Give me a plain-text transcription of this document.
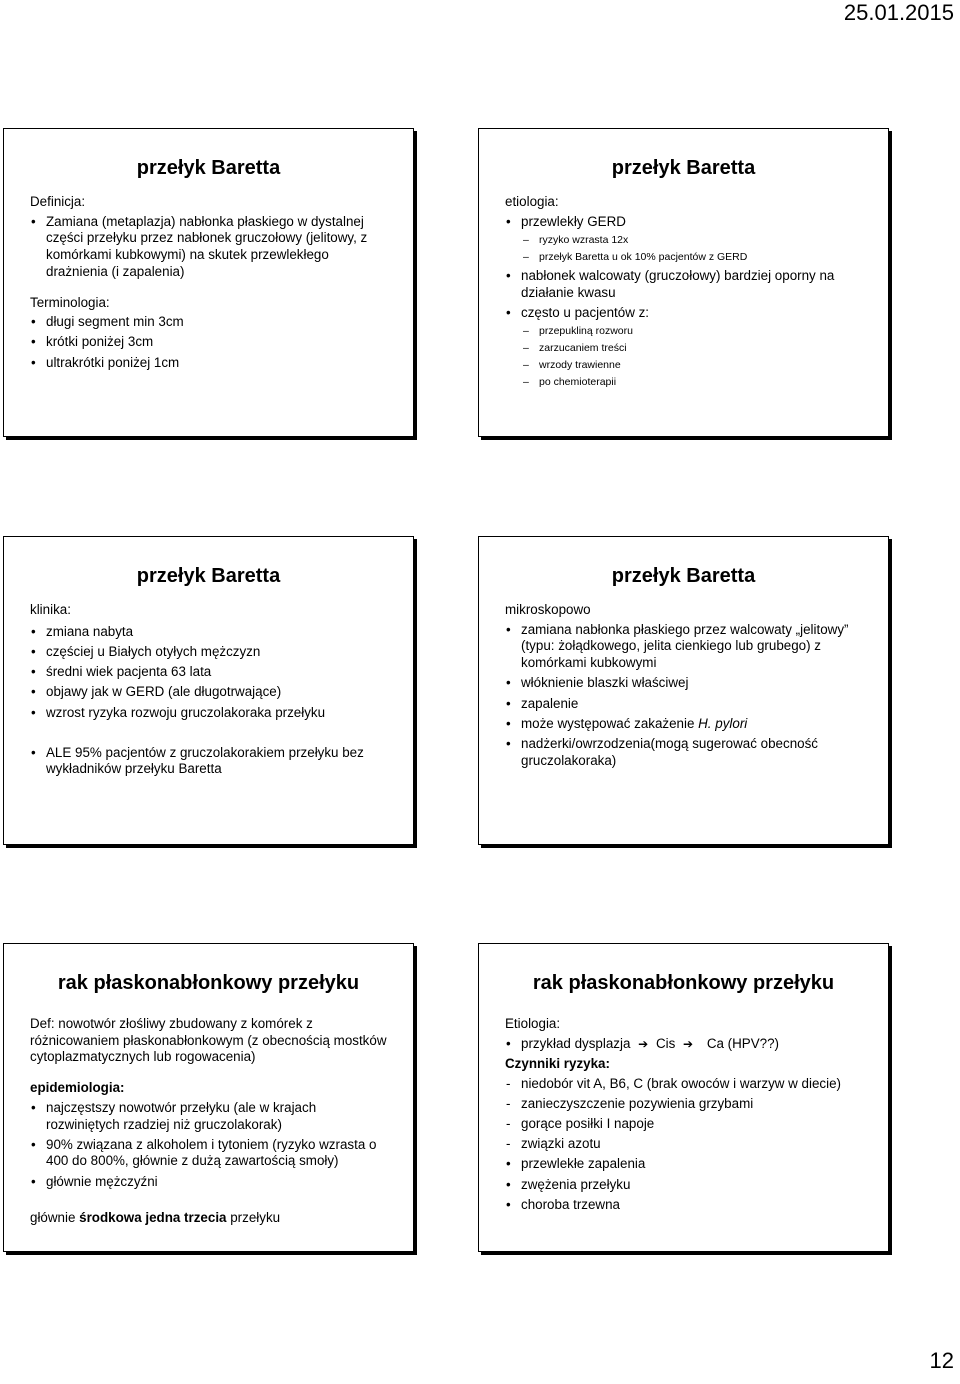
25.01.2015
przełyk Baretta

Definicja:

• Zamiana (metaplazja) nabłonka płaskiego w dystalnej części przełyku przez nabłonek gruczołowy (jelitowy, z komórkami kubkowymi) na skutek przewlekłego drażnienia (i zapalenia)

Terminologia:

• długi segment min 3cm
• krótki poniżej 3cm
• ultrakrótki poniżej 1cm
przełyk Baretta

etiologia:

• przewlekły GERD
– ryzyko wzrasta 12x
– przełyk Baretta u ok 10% pacjentów z GERD
• nabłonek walcowaty (gruczołowy) bardziej oporny na działanie kwasu
• często u pacjentów z:
– przepukliną rozworu
– zarzucaniem treści
– wrzody trawienne
– po chemioterapii
przełyk Baretta

klinika:

• zmiana nabyta
• częściej u Białych otyłych mężczyzn
• średni wiek pacjenta 63 lata
• objawy jak w GERD (ale długotrwające)
• wzrost ryzyka rozwoju gruczolakoraka przełyku
• ALE 95% pacjentów z gruczolakorakiem przełyku bez wykładników przełyku Baretta
przełyk Baretta

mikroskopowo

• zamiana nabłonka płaskiego przez walcowaty „jelitowy” (typu: żołądkowego, jelita cienkiego lub grubego) z komórkami kubkowymi
• włóknienie blaszki właściwej
• zapalenie
• może występować zakażenie H. pylori
• nadżerki/owrzodzenia(mogą sugerować obecność gruczolakoraka)
rak płaskonabłonkowy przełyku

Def: nowotwór złośliwy zbudowany z komórek z różnicowaniem płaskonabłonkowym (z obecnością mostków cytoplazmatycznych lub rogowacenia)

epidemiologia:

• najczęstszy nowotwór przełyku (ale w krajach rozwiniętych rzadziej niż gruczolakorak)
• 90% związana z alkoholem i tytoniem (ryzyko wzrasta o 400 do 800%, głównie z dużą zawartością smoły)
• głównie mężczyźni

głównie środkowa jedna trzecia przełyku

rak płaskonabłonkowy przełyku

Etiologia:

• przykład dysplazja ➔ Cis ➔ Ca (HPV??)

Czynniki ryzyka:

- niedobór vit A, B6, C (brak owoców i warzyw w diecie)
- zanieczyszczenie pozywienia grzybami
- gorące posiłki I napoje
- związki azotu
• przewlekłe zapalenia
• zwężenia przełyku
• choroba trzewna
12
